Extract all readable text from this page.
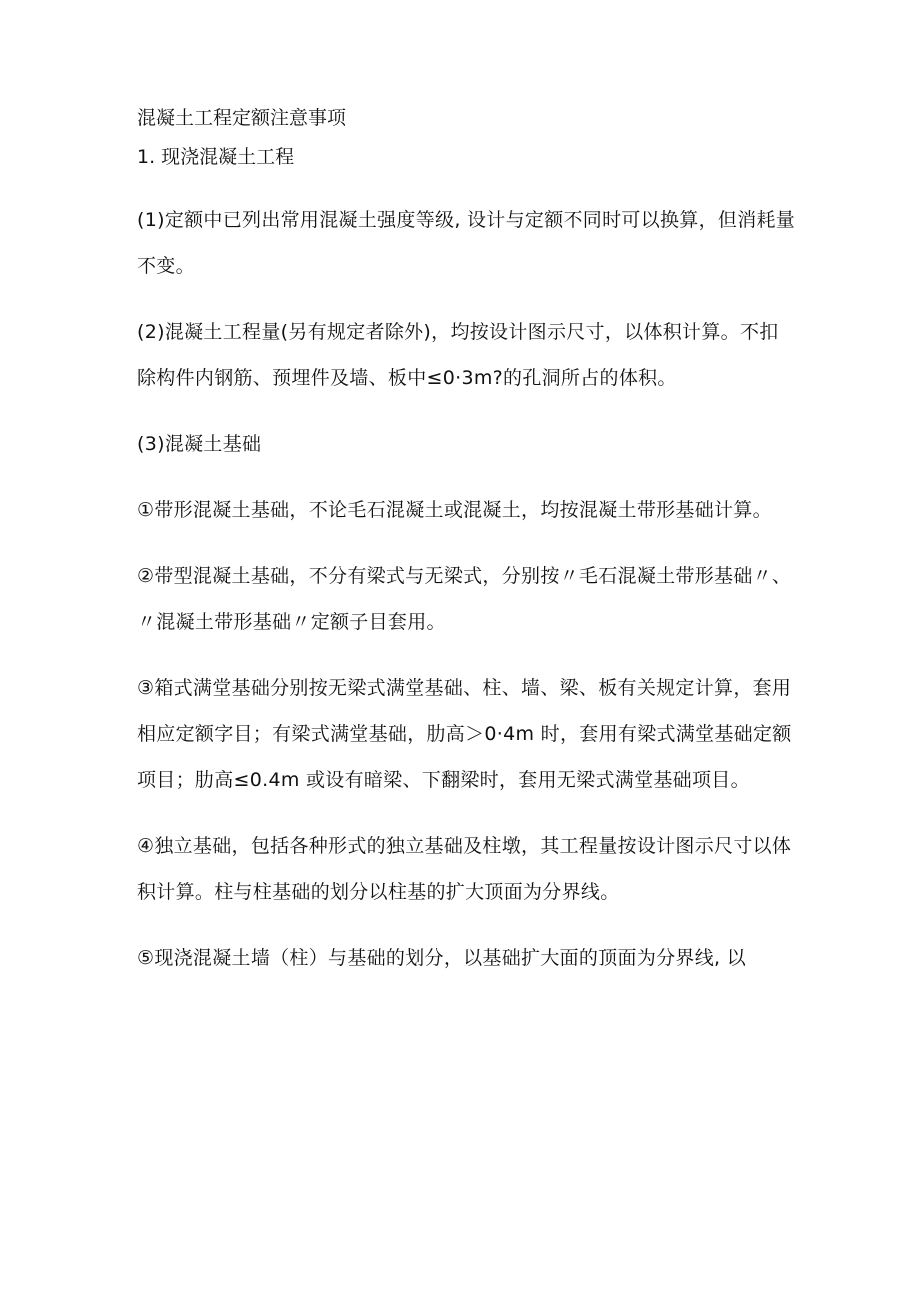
混凝土工程定额注意事项
1. 现浇混凝土工程

(1)定额中已列出常用混凝土强度等级, 设计与定额不同时可以换算，但消耗量不变。

(2)混凝土工程量(另有规定者除外)，均按设计图示尺寸，以体积计算。不扣除构件内钢筋、预埋件及墙、板中≤0·3m?的孔洞所占的体积。

(3)混凝土基础

①带形混凝土基础，不论毛石混凝土或混凝土，均按混凝土带形基础计算。

②带型混凝土基础，不分有梁式与无梁式，分别按〃毛石混凝土带形基础〃、〃混凝土带形基础〃定额子目套用。

③箱式满堂基础分别按无梁式满堂基础、柱、墙、梁、板有关规定计算，套用相应定额字目；有梁式满堂基础，肋高＞0·4m 时，套用有梁式满堂基础定额项目；肋高≤0.4m 或设有暗梁、下翻梁时，套用无梁式满堂基础项目。

④独立基础，包括各种形式的独立基础及柱墩，其工程量按设计图示尺寸以体积计算。柱与柱基础的划分以柱基的扩大顶面为分界线。

⑤现浇混凝土墙（柱）与基础的划分，以基础扩大面的顶面为分界线, 以
